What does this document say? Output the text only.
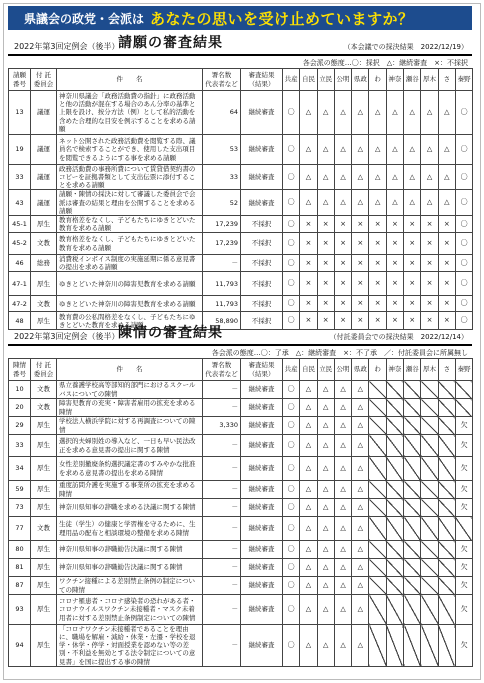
県議会の政党・会派は あなたの思いを受け止めていますか？
2022年第3回定例会（後半）
請願の審査結果	（本会議での採決結果　2022/12/19）
各会派の態度…〇：採択　△：継続審査　×：不採択
請願
番号	付 託
委員会	件　　名	署名数
代表者など	審査結果
（結果）	共産	自民	立民	公明	県政	わ	神奈	瀬谷	厚木	さ	秦野
13	議運	神奈川県議会「政務活動費の指針」に政務活動と他の活動が混在する場合のあん分率の基準と上限を設け、按分方法（例）として私的活動を含めた合理的な目安を例示することを求める請願	64	継続審査	〇	△	△	△	△	△	△	△	△	△	〇
19	議運	ネット公開された政務活動費を閲覧する際、議員名で検索することができ、使用した支出項目を閲覧できるようにする事を求める請願	53	継続審査	〇	△	△	△	△	△	△	△	△	△	〇
33	議運	政務活動費の事務所費について賃貸借契約書のコピーを証拠書類として支出伝票に添付することを求める請願	33	継続審査	〇	△	△	△	△	△	△	△	△	△	〇
43	議運	請願・陳情の採決に対して審議した委員会で会派は審査の結果と理由を公開することを求める請願	52	継続審査	〇	△	△	△	△	△	△	△	△	△	〇
45-1	厚生	教育格差をなくし、子どもたちにゆきとどいた教育を求める請願	17,239	不採択	〇	×	×	×	×	×	×	×	×	×	〇
45-2	文教	教育格差をなくし、子どもたちにゆきとどいた教育を求める請願	17,239	不採択	〇	×	×	×	×	×	×	×	×	×	〇
46	総務	消費税インボイス制度の実施延期に係る意見書の提出を求める請願	－	不採択	〇	×	×	×	×	×	×	×	×	×	〇
47-1	厚生	ゆきとどいた神奈川の障害児教育を求める請願	11,793	不採択	〇	×	×	×	×	×	×	×	×	×	〇
47-2	文教	ゆきとどいた神奈川の障害児教育を求める請願	11,793	不採択	〇	×	×	×	×	×	×	×	×	×	〇
48	厚生	教育費の公私間格差をなくし、子どもたちにゆきとどいた教育を求める請願	58,890	不採択	〇	×	×	×	×	×	×	×	×	×	〇
2022年第3回定例会（後半）
陳情の審査結果	（付託委員会での採決結果　2022/12/14）
各会派の態度…〇：了承　△：継続審査　×：不了承　／：付託委員会に所属無し
陳情
番号	付 託
委員会	件　　名	署名数
代表者など	審査結果
（結果）	共産	自民	立民	公明	県政	わ	神奈	瀬谷	厚木	さ	秦野
10	文教	県立養護学校高等部知的部門におけるスクールバスについての陳情	－	継続審査	〇	△	△	△	△						
20	文教	障害児教育の充実・障害者雇用の拡充を求める陳情	－	継続審査	〇	△	△	△	△						
29	厚生	学校法人横浜学院に対する再調査についての陳情	3,330	継続審査	〇	△	△	△	△						欠
33	厚生	選択的夫婦別姓の導入など、一日も早い民法改正を求める意見書の提出に関する陳情	－	継続審査	〇	△	△	△	△						欠
34	厚生	女性差別撤廃条約選択議定書のすみやかな批准を求める意見書の提出を求める陳情	－	継続審査	〇	△	△	△	△						欠
59	厚生	重度訪問介護を実施する事業所の拡充を求める陳情	－	継続審査	〇	△	△	△	△						欠
73	厚生	神奈川県知事の辞職を求める決議に関する陳情	－	継続審査	〇	△	△	△	△						欠
77	文教	生徒（学生）の健康と学習権を守るために、生理用品の配布と相談環境の整備を求める陳情	－	継続審査	〇	△	△	△	△						
80	厚生	神奈川県知事の辞職勧告決議に関する陳情	－	継続審査	〇	△	△	△	△						欠
81	厚生	神奈川県知事の辞職勧告決議に関する陳情	－	継続審査	〇	△	△	△	△						欠
87	厚生	ワクチン接種による差別禁止条例の制定についての陳情	－	継続審査	〇	△	△	△	△						欠
93	厚生	コロナ罹患者・コロナ感染者の恐れがある者・コロナウイルスワクチン未接種者・マスク未着用者に対する差別禁止条例制定についての陳情	－	継続審査	〇	△	△	△	△						欠
94	厚生	「コロナワクチン未接種者であることを理由に、職場を解雇・減給・休業・左遷・学校を退学・休学・停学・対面授業を認めない等の差別・不利益を無効とする法令制定についての意見書」を国に提出する事の陳情	－	継続審査	〇	△	△	△	△						欠
